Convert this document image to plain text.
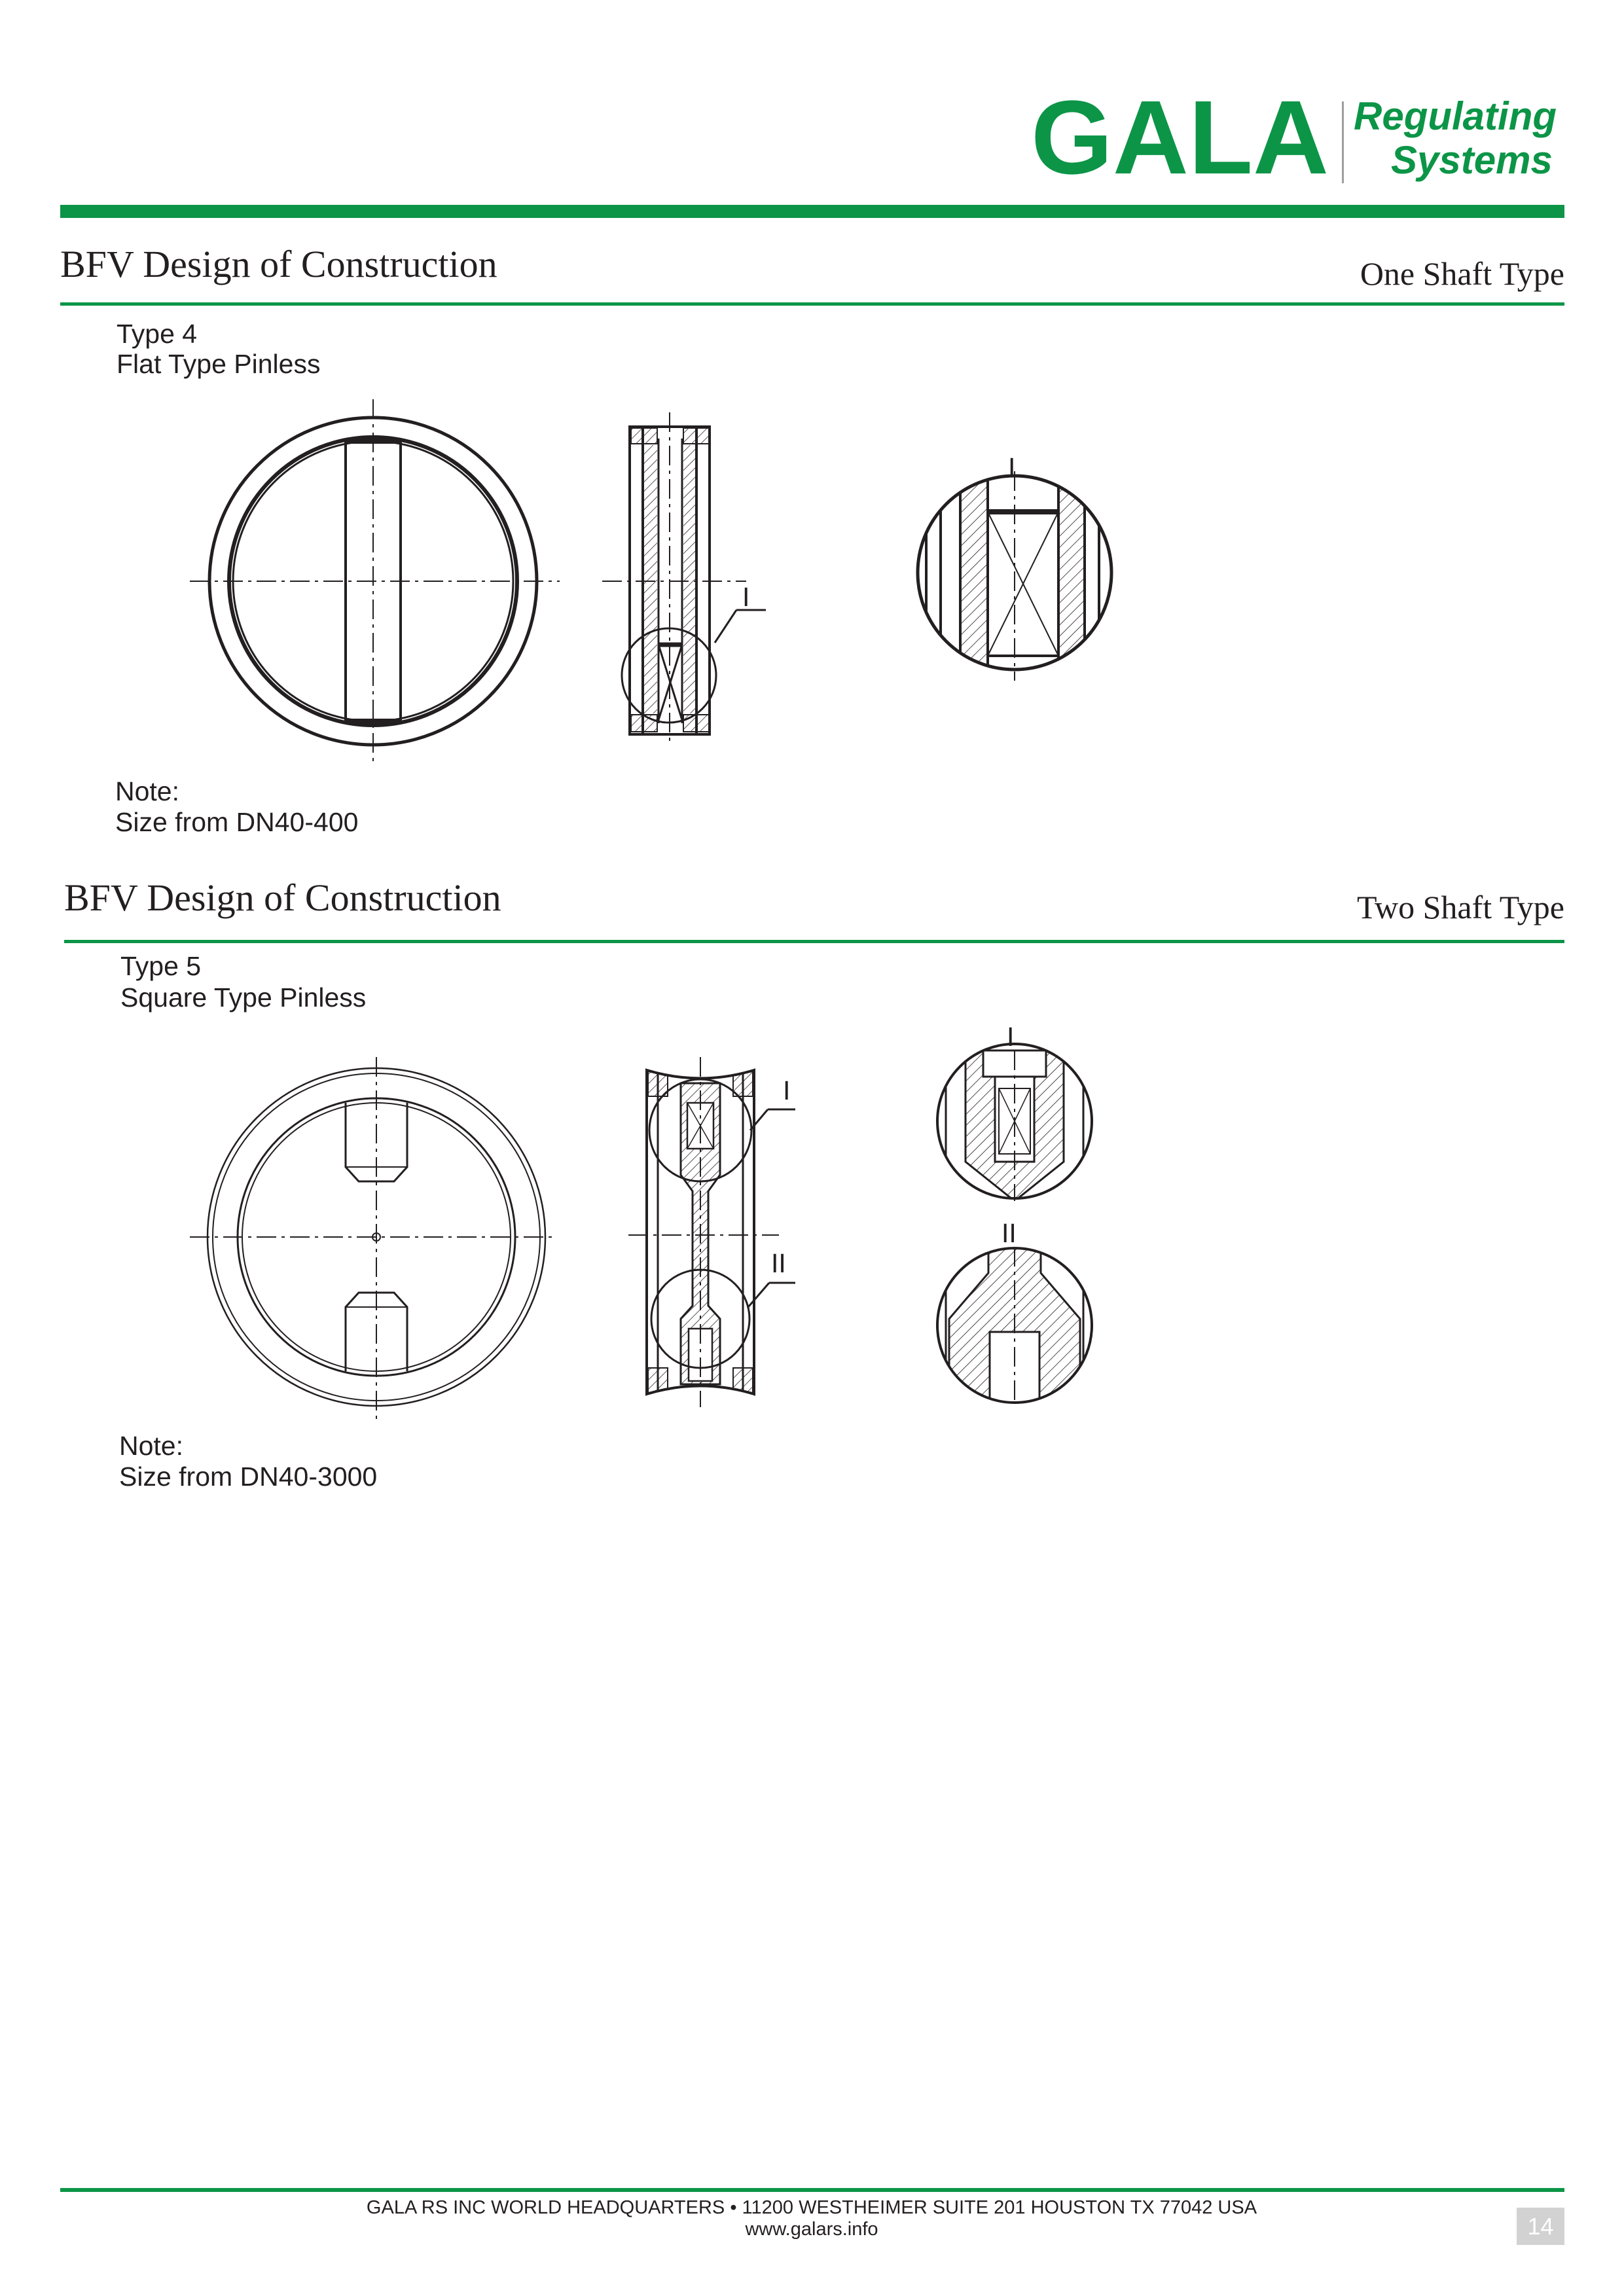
GALA Regulating
Systems
BFV Design of Construction	One Shaft Type
Type 4
Flat Type Pinless
I
I
Note:
Size from DN40-400
BFV Design of Construction	Two Shaft Type
Type 5
Square Type Pinless
I
II
I
II
Note:
Size from DN40-3000
GALA RS INC WORLD HEADQUARTERS • 11200 WESTHEIMER SUITE 201 HOUSTON TX 77042 USA
www.galars.info	14
